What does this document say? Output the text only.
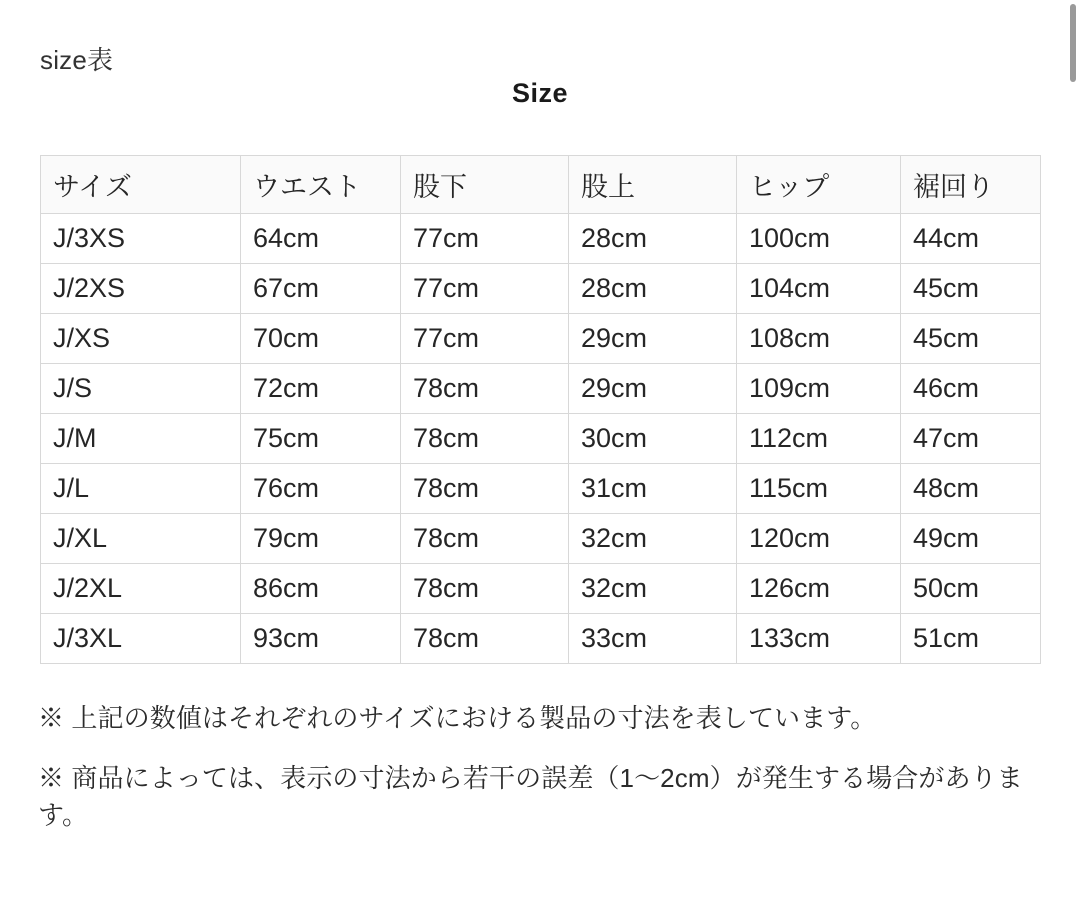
size表
Size
サイズ	ウエスト	股下	股上	ヒップ	裾回り
J/3XS	64cm	77cm	28cm	100cm	44cm
J/2XS	67cm	77cm	28cm	104cm	45cm
J/XS	70cm	77cm	29cm	108cm	45cm
J/S	72cm	78cm	29cm	109cm	46cm
J/M	75cm	78cm	30cm	112cm	47cm
J/L	76cm	78cm	31cm	115cm	48cm
J/XL	79cm	78cm	32cm	120cm	49cm
J/2XL	86cm	78cm	32cm	126cm	50cm
J/3XL	93cm	78cm	33cm	133cm	51cm
※ 上記の数値はそれぞれのサイズにおける製品の寸法を表しています。
※ 商品によっては、表示の寸法から若干の誤差（1〜2cm）が発生する場合があります。
